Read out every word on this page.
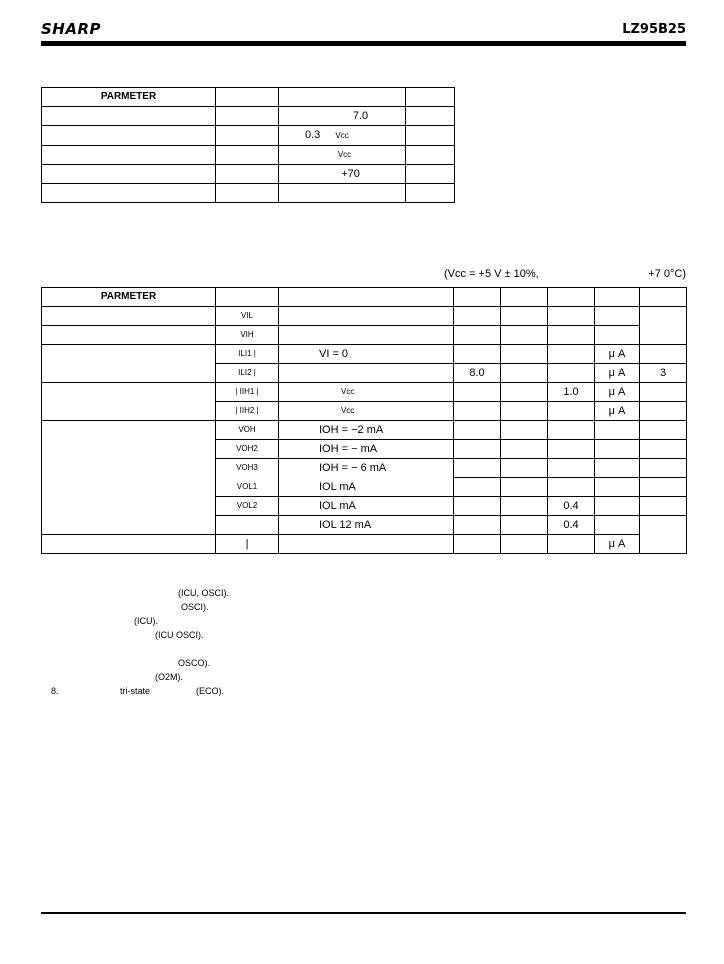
SHARP	LZ95B25
PARMETER			
		7.0	
		0.3 Vcc	
		Vcc	
		+70	

(Vcc = +5 V ± 10%,	+7 0°C)
PARMETER							
	VIL						
	VIH						
	ILI1 |	VI = 0				μ A	
	ILI2 |		8.0			μ A	3
	| IIH1 |	Vcc			1.0	μ A	
	| IIH2 |	Vcc				μ A	
	VOH	IOH = −2 mA					
	VOH2	IOH = − mA					
	VOH3	IOH = − 6 mA					
	VOL1	IOL mA					
	VOL2	IOL mA			0.4		
		IOL 12 mA			0.4		
	|					μ A	
(ICU, OSCI).
OSCI).
(ICU).
(ICU OSCI).
OSCO).
(O2M).
8.	tri-state	(ECO).
